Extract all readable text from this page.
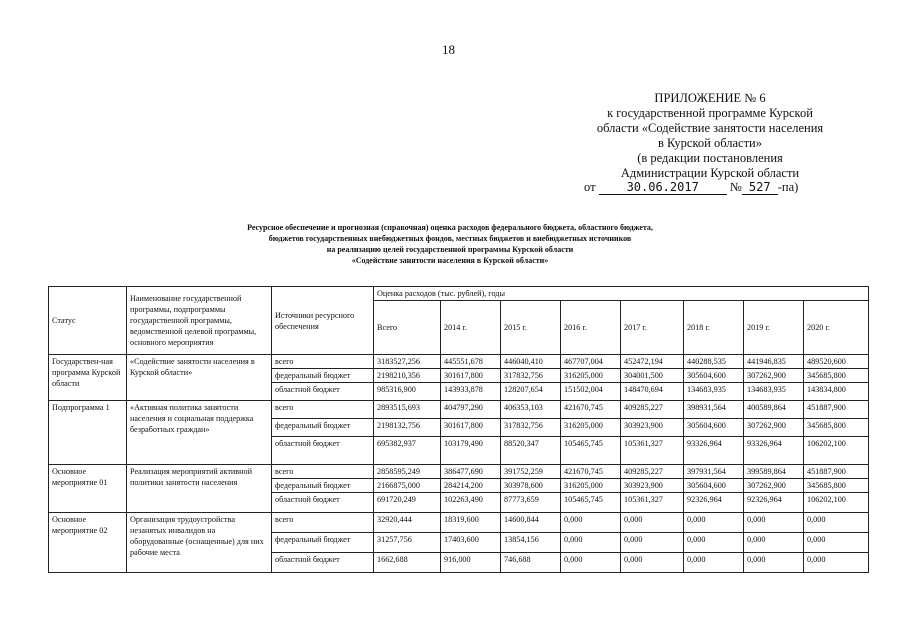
18
ПРИЛОЖЕНИЕ № 6
к государственной программе Курской
области «Содействие занятости населения
в Курской области»
(в редакции постановления
Администрации Курской области
от	30.06.2017 № 527 -па)
Ресурсное обеспечение и прогнозная (справочная) оценка расходов федерального бюджета, областного бюджета,
бюджетов государственных внебюджетных фондов, местных бюджетов и внебюджетных источников
на реализацию целей государственной программы Курской области
«Содействие занятости населения в Курской области»
Статус	Наименование государственной программы, подпрограммы государственной программы, ведомственной целевой программы, основного мероприятия	Источники ресурсного обеспечения	Оценка расходов (тыс. рублей), годы							
			Всего	2014 г.	2015 г.	2016 г.	2017 г.	2018 г.	2019 г.	2020 г.
Государствен-ная программа Курской области	«Содействие занятости населения в Курской области»	всего	3183527,256	445551,678	446040,410	467707,004	452472,194	440288,535	441946,835	489520,600
		федеральный бюджет	2198210,356	301617,800	317832,756	316205,000	304001,500	305604,600	307262,900	345685,800
		областной бюджет	985316,900	143933,878	128207,654	151502,004	148470,694	134683,935	134683,935	143834,800
Подпрограмма 1	«Активная политика занятости населения и социальная поддержка безработных граждан»	всего	2893515,693	404797,290	406353,103	421670,745	409285,227	398931,564	400589,864	451887,900
		федеральный бюджет	2198132,756	301617,800	317832,756	316205,000	303923,900	305604,600	307262,900	345685,800
		областной бюджет	695382,937	103179,490	88520,347	105465,745	105361,327	93326,964	93326,964	106202,100
Основное мероприятие 01	Реализация мероприятий активной политики занятости населения	всего	2858595,249	386477,690	391752,259	421670,745	409285,227	397931,564	399589,864	451887,900
		федеральный бюджет	2166875,000	284214,200	303978,600	316205,000	303923,900	305604,600	307262,900	345685,800
		областной бюджет	691720,249	102263,490	87773,659	105465,745	105361,327	92326,964	92326,964	106202,100
Основное мероприятие 02	Организация трудоустройства незанятых инвалидов на оборудованные (оснащенные) для них рабочие места	всего	32920,444	18319,600	14600,844	0,000	0,000	0,000	0,000	0,000
		федеральный бюджет	31257,756	17403,600	13854,156	0,000	0,000	0,000	0,000	0,000
		областной бюджет	1662,688	916,000	746,688	0,000	0,000	0,000	0,000	0,000
